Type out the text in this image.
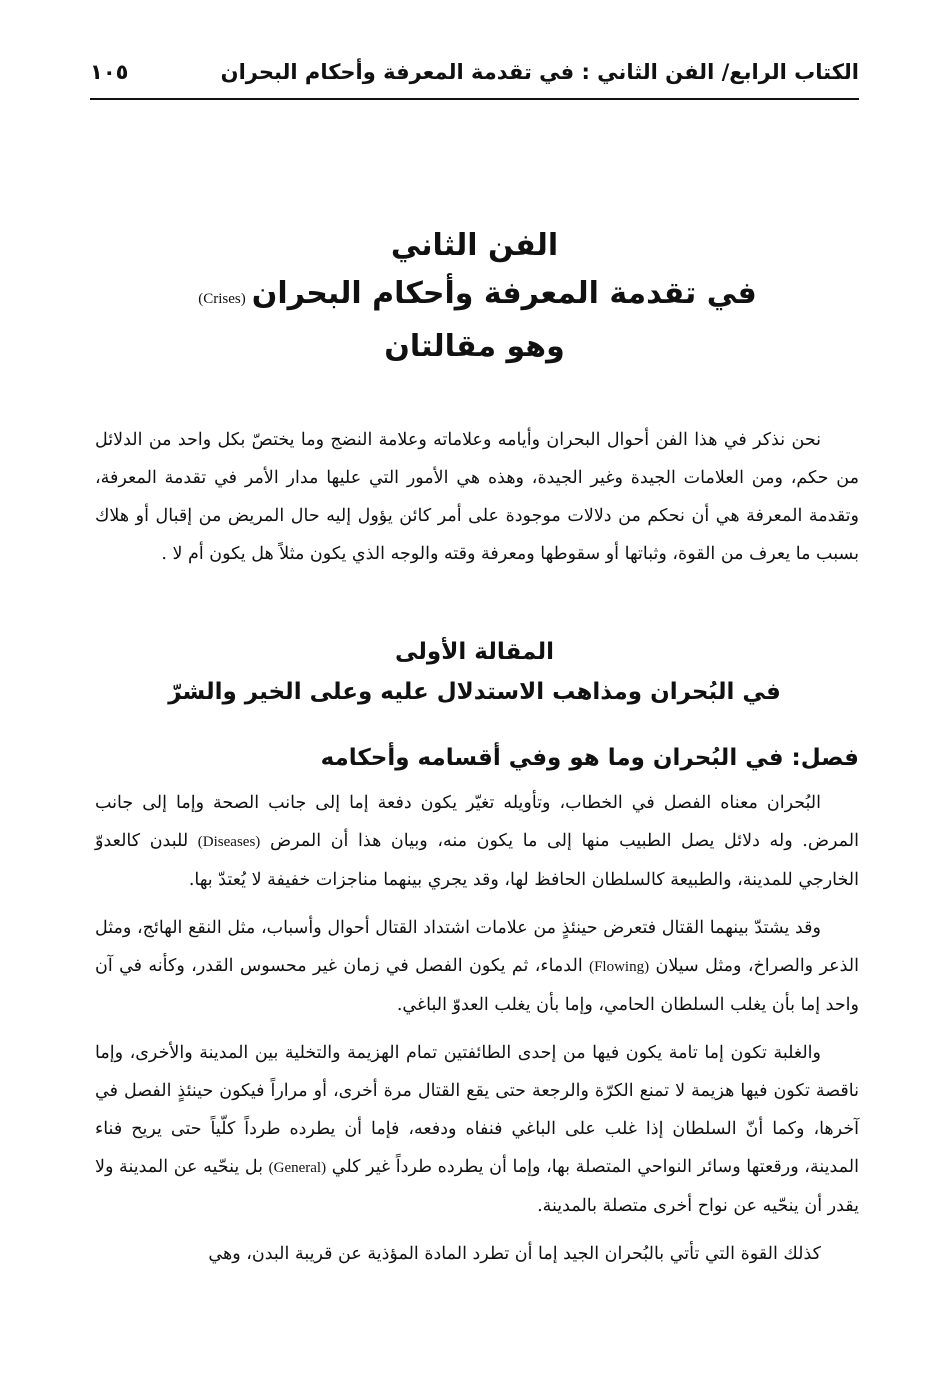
الكتاب الرابع/ الفن الثاني : في تقدمة المعرفة وأحكام البحران
١٠٥
الفن الثاني
في تقدمة المعرفة وأحكام البحران(Crises)
وهو مقالتان

نحن نذكر في هذا الفن أحوال البحران وأيامه وعلاماته وعلامة النضج وما يختصّ بكل واحد من الدلائل من حكم، ومن العلامات الجيدة وغير الجيدة، وهذه هي الأمور التي عليها مدار الأمر في تقدمة المعرفة، وتقدمة المعرفة هي أن نحكم من دلالات موجودة على أمر كائن يؤول إليه حال المريض من إقبال أو هلاك بسبب ما يعرف من القوة، وثباتها أو سقوطها ومعرفة وقته والوجه الذي يكون مثلاً هل يكون أم لا .

المقالة الأولى
في البُحران ومذاهب الاستدلال عليه وعلى الخير والشرّ
فصل: في البُحران وما هو وفي أقسامه وأحكامه

البُحران معناه الفصل في الخطاب، وتأويله تغيّر يكون دفعة إما إلى جانب الصحة وإما إلى جانب المرض. وله دلائل يصل الطبيب منها إلى ما يكون منه، وبيان هذا أن المرض (Diseases) للبدن كالعدوّ الخارجي للمدينة، والطبيعة كالسلطان الحافظ لها، وقد يجري بينهما مناجزات خفيفة لا يُعتدّ بها.

وقد يشتدّ بينهما القتال فتعرض حينئذٍ من علامات اشتداد القتال أحوال وأسباب، مثل النقع الهائج، ومثل الذعر والصراخ، ومثل سيلان (Flowing) الدماء، ثم يكون الفصل في زمان غير محسوس القدر، وكأنه في آن واحد إما بأن يغلب السلطان الحامي، وإما بأن يغلب العدوّ الباغي.

والغلبة تكون إما تامة يكون فيها من إحدى الطائفتين تمام الهزيمة والتخلية بين المدينة والأخرى، وإما ناقصة تكون فيها هزيمة لا تمنع الكرّة والرجعة حتى يقع القتال مرة أخرى، أو مراراً فيكون حينئذٍ الفصل في آخرها، وكما أنّ السلطان إذا غلب على الباغي فنفاه ودفعه، فإما أن يطرده طرداً كلّياً حتى يريح فناء المدينة، ورقعتها وسائر النواحي المتصلة بها، وإما أن يطرده طرداً غير كلي (General) بل ينحّيه عن المدينة ولا يقدر أن ينحّيه عن نواح أخرى متصلة بالمدينة.

كذلك القوة التي تأتي بالبُحران الجيد إما أن تطرد المادة المؤذية عن قريبة البدن، وهي
